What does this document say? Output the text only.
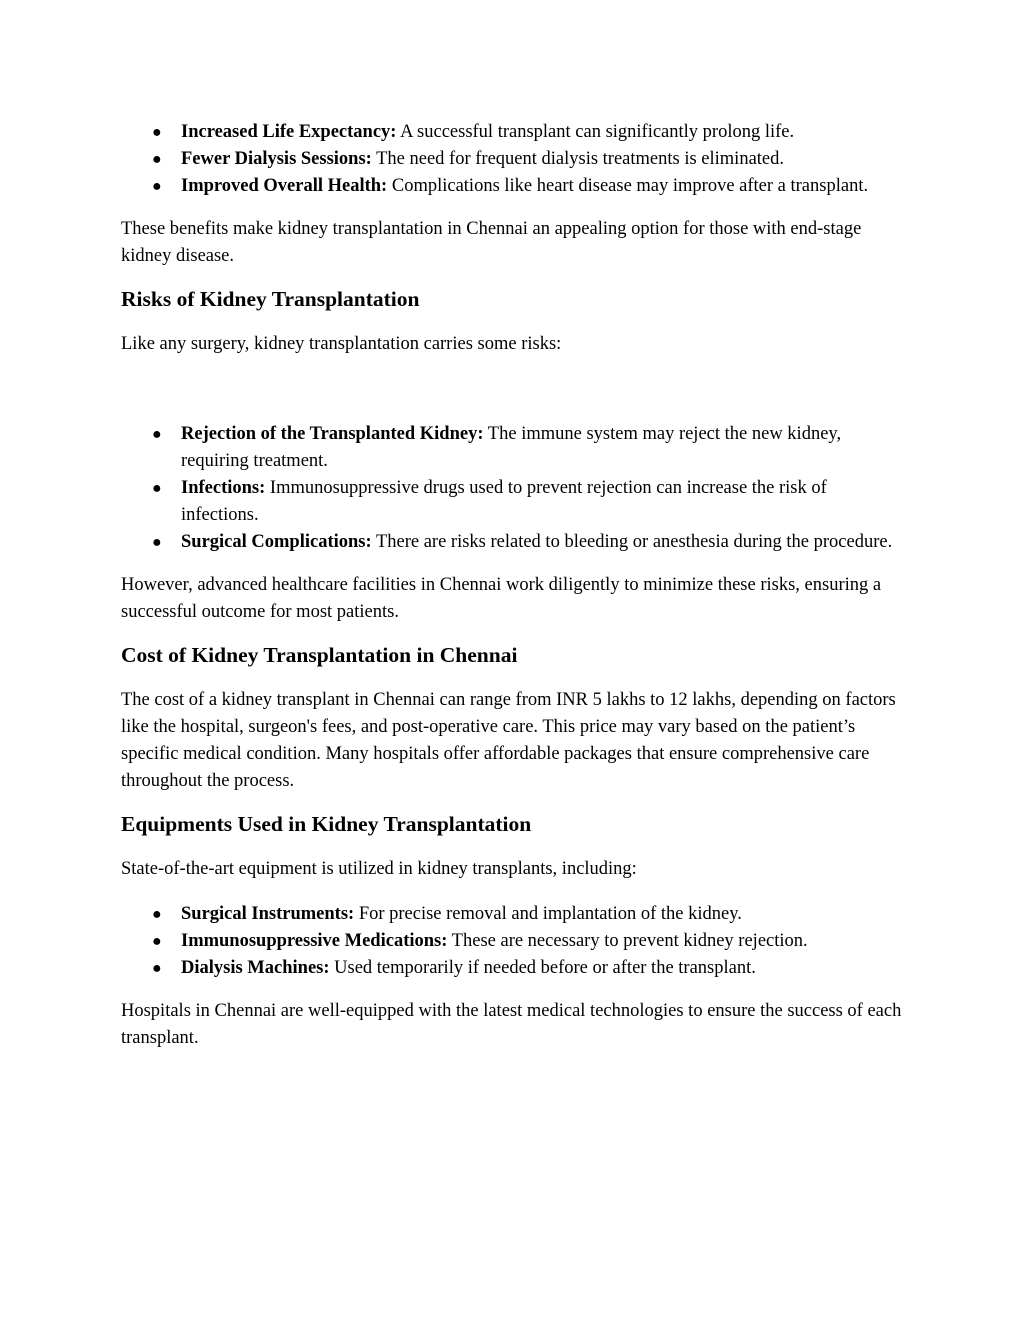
● Increased Life Expectancy: A successful transplant can significantly prolong life.
● Fewer Dialysis Sessions: The need for frequent dialysis treatments is eliminated.
● Improved Overall Health: Complications like heart disease may improve after a transplant.

These benefits make kidney transplantation in Chennai an appealing option for those with end-stage kidney disease.

Risks of Kidney Transplantation

Like any surgery, kidney transplantation carries some risks:

● Rejection of the Transplanted Kidney: The immune system may reject the new kidney, requiring treatment.
● Infections: Immunosuppressive drugs used to prevent rejection can increase the risk of infections.
● Surgical Complications: There are risks related to bleeding or anesthesia during the procedure.

However, advanced healthcare facilities in Chennai work diligently to minimize these risks, ensuring a successful outcome for most patients.

Cost of Kidney Transplantation in Chennai

The cost of a kidney transplant in Chennai can range from INR 5 lakhs to 12 lakhs, depending on factors like the hospital, surgeon's fees, and post-operative care. This price may vary based on the patient’s specific medical condition. Many hospitals offer affordable packages that ensure comprehensive care throughout the process.

Equipments Used in Kidney Transplantation

State-of-the-art equipment is utilized in kidney transplants, including:

● Surgical Instruments: For precise removal and implantation of the kidney.
● Immunosuppressive Medications: These are necessary to prevent kidney rejection.
● Dialysis Machines: Used temporarily if needed before or after the transplant.

Hospitals in Chennai are well-equipped with the latest medical technologies to ensure the success of each transplant.
